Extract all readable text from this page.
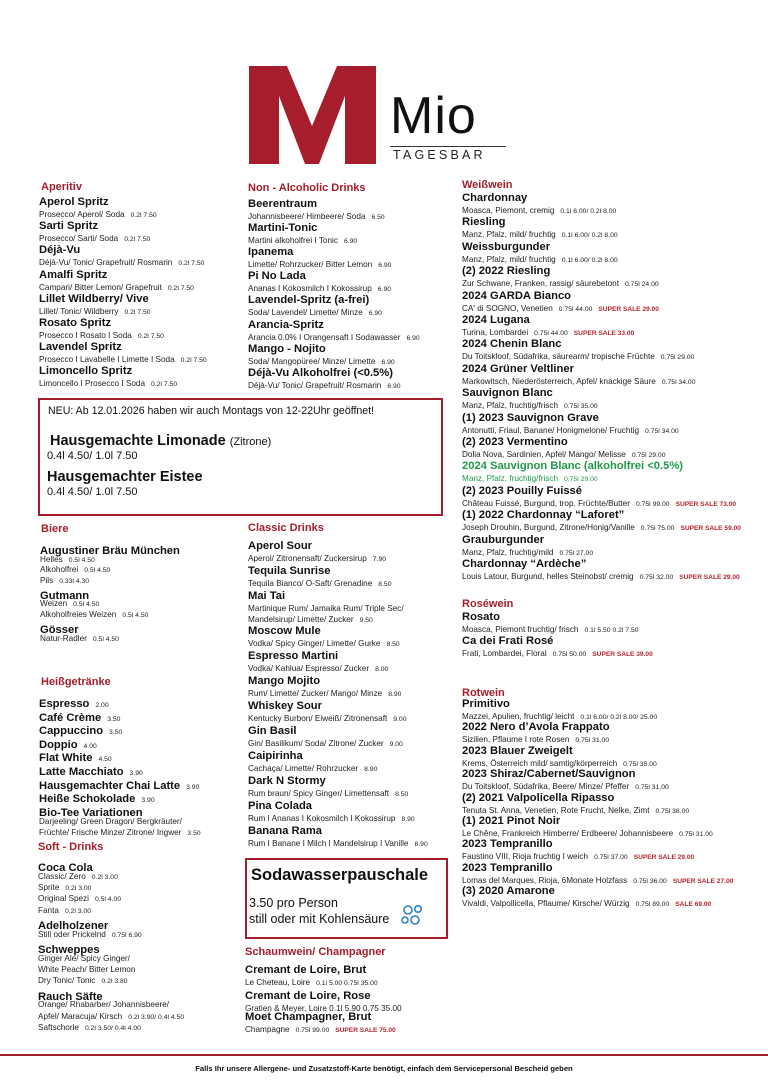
Mio
TAGESBAR
Aperitiv
Aperol Spritz
Prosecco/ Aperol/ Soda 0.2l 7.50
Sarti Spritz
Prosecco/ Sarti/ Soda 0.2l 7.50
Déjà-Vu
Déjà-Vu/ Tonic/ Grapefruit/ Rosmarin 0.2l 7.50
Amalfi Spritz
Campari/ Bitter Lemon/ Grapefruit 0.2l 7.50
Lillet Wildberry/ Vive
Lillet/ Tonic/ Wildberry 0.2l 7.50
Rosato Spritz
Prosecco I Rosato I Soda 0.2l 7.50
Lavendel Spritz
Prosecco I Lavabelle I Limette I Soda 0.2l 7.50
Limoncello Spritz
Limoncello I Prosecco I Soda 0.2l 7.50
NEU: Ab 12.01.2026 haben wir auch Montags von 12-22Uhr geöffnet!
Hausgemachte Limonade (Zitrone)
0.4l 4.50/ 1.0l 7.50
Hausgemachter Eistee
0.4l 4.50/ 1.0l 7.50
Biere
Augustiner Bräu München
Helles 0.5l 4.50
Alkoholfrei 0.5l 4.50
Pils 0.33l 4.30
Gutmann
Weizen 0.5l 4.50
Alkoholfreies Weizen 0.5l 4.50
Gösser
Natur-Radler 0.5l 4.50
Heißgetränke
Espresso 2.00
Café Crème 3.50
Cappuccino 3.50
Doppio 4.00
Flat White 4.50
Latte Macchiato 3.90
Hausgemachter Chai Latte 3.90
Heiße Schokolade 3.90
Bio-Tee Variationen
Darjeeling/ Green Dragon/ Bergkräuter/
Früchte/ Frische Minze/ Zitrone/ Ingwer 3.50
Soft - Drinks
Coca Cola
Classic/ Zero 0.2l 3.00
Sprite 0.2l 3.00
Original Spezi 0.5l 4.00
Fanta 0.2l 3.00
Adelholzener
Still oder Prickelnd 0.75l 6.90
Schweppes
Ginger Ale/ Spicy Ginger/
White Peach/ Bitter Lemon
Dry Tonic/ Tonic 0.2l 3.80
Rauch Säfte
Orange/ Rhabarber/ Johannisbeere/
Apfel/ Maracuja/ Kirsch 0.2l 3.90/ 0.4l 4.50
Saftschorle 0.2l 3.50/ 0.4l 4.00
Non - Alcoholic Drinks
Beerentraum
Johannisbeere/ Himbeere/ Soda 6.50
Martini-Tonic
Martini alkoholfrei I Tonic 6.90
Ipanema
Limette/ Rohrzucker/ Bitter Lemon 6.90
Pi No Lada
Ananas I Kokosmilch I Kokossirup 6.90
Lavendel-Spritz (a-frei)
Soda/ Lavendel/ Limette/ Minze 6.90
Arancia-Spritz
Arancia 0.0% I Orangensaft I Sodawasser 6.90
Mango - Nojito
Soda/ Mangopüree/ Minze/ Limette 6.90
Déjà-Vu Alkoholfrei (<0.5%)
Déjà-Vu/ Tonic/ Grapefruit/ Rosmarin 6.90
Classic Drinks
Aperol Sour
Aperol/ Zitronensaft/ Zuckersirup 7.90
Tequila Sunrise
Tequila Bianco/ O-Saft/ Grenadine 8.50
Mai Tai
Martinique Rum/ Jamaika Rum/ Triple Sec/
Mandelsirup/ Limette/ Zucker 9.50
Moscow Mule
Vodka/ Spicy Ginger/ Limette/ Gurke 8.50
Espresso Martini
Vodka/ Kahlua/ Espresso/ Zucker 8.00
Mango Mojito
Rum/ Limette/ Zucker/ Mango/ Minze 8.90
Whiskey Sour
Kentucky Burbon/ Eiweiß/ Zitronensaft 9.00
Gin Basil
Gin/ Basilikum/ Soda/ Zitrone/ Zucker 9.00
Caipirinha
Cachaça/ Limette/ Rohrzucker 8.90
Dark N Stormy
Rum braun/ Spicy Ginger/ Limettensaft 8.50
Pina Colada
Rum I Ananas I Kokosmilch I Kokossirup 8.90
Banana Rama
Rum I Banane I Milch I Mandelsirup I Vanille 8.90
Sodawasserpauschale
3.50 pro Person
still oder mit Kohlensäure
Schaumwein/ Champagner
Cremant de Loire, Brut
Le Cheteau, Loire 0.1l 5.00 0.75l 35.00
Cremant de Loire, Rose
Gratien & Meyer, Loire 0.1l 5.90 0.75 35.00
Moet Champagner, Brut
Champagne 0.75l 99.00 SUPER SALE 75.00
Weißwein
Chardonnay
Moasca, Piemont, cremig 0.1l 6.00/ 0.2l 8.00
Riesling
Manz, Pfalz, mild/ fruchtig 0.1l 6.00/ 0.2l 8.00
Weissburgunder
Manz, Pfalz, mild/ fruchtig 0.1l 6.00/ 0.2l 8.00
(2) 2022 Riesling
Zur Schwane, Franken, rassig/ säurebetont 0.75l 24.00
2024 GARDA Bianco
CA' di SOGNO, Venetien 0.75l 44.00 SUPER SALE 29.00
2024 Lugana
Turina, Lombardei 0.75l 44.00 SUPER SALE 33.00
2024 Chenin Blanc
Du Toitskloof, Südafrika, säurearm/ tropische Früchte 0.75l 29.00
2024 Grüner Veltliner
Markowitsch, Niederösterreich, Apfel/ knackige Säure 0.75l 34.00
Sauvignon Blanc
Manz, Pfalz, fruchtig/frisch 0.75l 35.00
(1) 2023 Sauvignon Grave
Antonutti, Friaul, Banane/ Honigmelone/ Fruchtig 0.75l 34.00
(2) 2023 Vermentino
Dolia Nova, Sardinien, Apfel/ Mango/ Melisse 0.75l 29.00
2024 Sauvignon Blanc (alkoholfrei <0.5%)
Manz, Pfalz, fruchtig/frisch 0.75l 29.00
(2) 2023 Pouilly Fuissé
Château Fuissé, Burgund, trop. Früchte/Butter 0.75l 99.00 SUPER SALE 73.00
(1) 2022 Chardonnay “Laforet”
Joseph Drouhin, Burgund, Zitrone/Honig/Vanille 0.75l 75.00 SUPER SALE 59.00
Grauburgunder
Manz, Pfalz, fruchtig/mild 0.75l 27.00
Chardonnay “Ardèche”
Louis Latour, Burgund, helles Steinobst/ cremig 0.75l 32.00 SUPER SALE 29.00
Roséwein
Rosato
Moasca, Piemont fruchtig/ frisch 0.1l 5.50 0.2l 7.50
Ca dei Frati Rosé
Frati, Lombardei, Floral 0.75l 50.00 SUPER SALE 39.00
Rotwein
Primitivo
Mazzei, Apulien, fruchtig/ leicht 0.1l 6.00/ 0.2l 8.00/ 25.00
2022 Nero d’Avola Frappato
Sizilien, Pflaume I rote Rosen 0.75l 31.00
2023 Blauer Zweigelt
Krems, Österreich mild/ samtig/körperreich 0.75l 35.00
2023 Shiraz/Cabernet/Sauvignon
Du Toitskloof, Südafrika, Beere/ Minze/ Pfeffer 0.75l 31.00
(2) 2021 Valpolicella Ripasso
Tenuta St. Anna, Venetien, Rote Frucht, Nelke, Zimt 0.75l 38.00
(1) 2021 Pinot Noir
Le Chêne, Frankreich Himberre/ Erdbeere/ Johannisbeere 0.75l 31.00
2023 Tempranillo
Faustino VIII, Rioja fruchtig I weich 0.75l 37.00 SUPER SALE 29.00
2023 Tempranillo
Lomas del Marques, Rioja, 6Monate Holzfass 0.75l 36.00 SUPER SALE 27.00
(3) 2020 Amarone
Vivaldi, Valpollicella, Pflaume/ Kirsche/ Würzig 0.75l 89.00 SALE 69.00
Falls Ihr unsere Allergene- und Zusatzstoff-Karte benötigt, einfach dem Servicepersonal Bescheid geben
